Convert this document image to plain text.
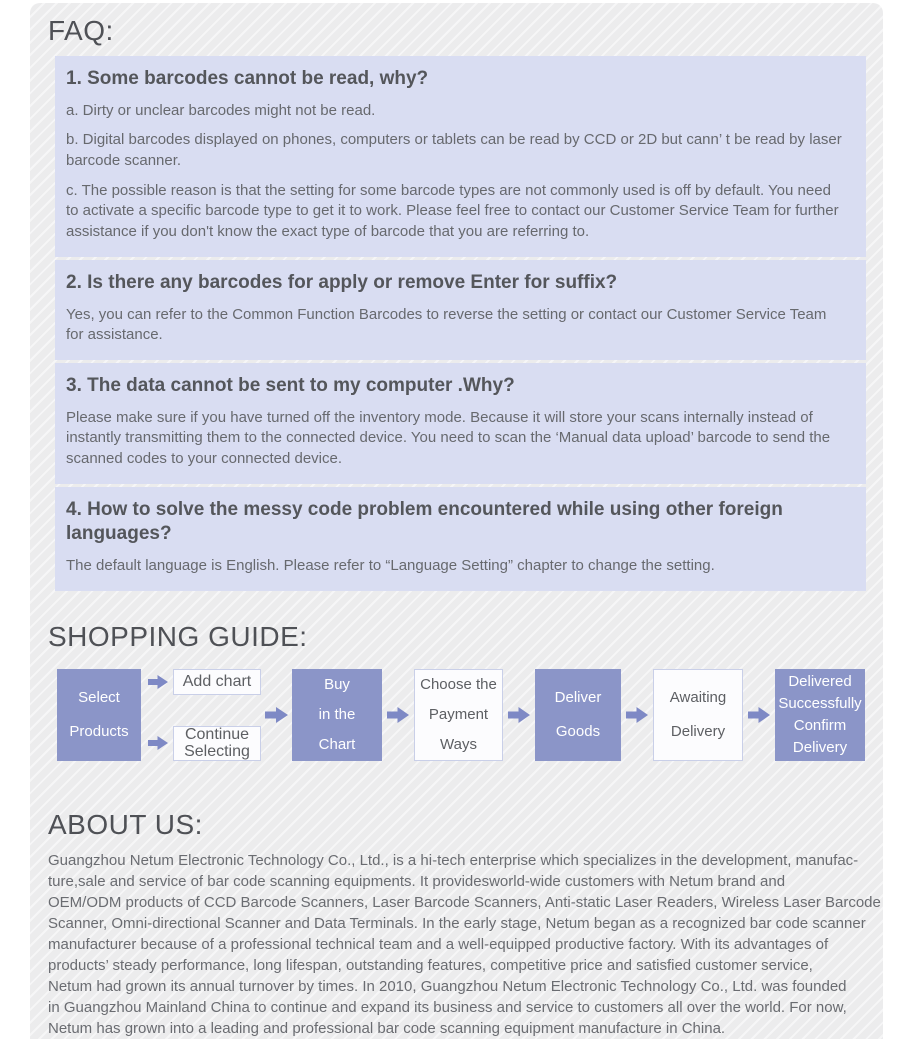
FAQ:
1. Some barcodes cannot be read, why?

a. Dirty or unclear barcodes might not be read.

b. Digital barcodes displayed on phones, computers or tablets can be read by CCD or 2D but cann’ t be read by laser barcode scanner.

c. The possible reason is that the setting for some barcode types are not commonly used is off by default. You need to activate a specific barcode type to get it to work. Please feel free to contact our Customer Service Team for further assistance if you don't know the exact type of barcode that you are referring to.

2. Is there any barcodes for apply or remove Enter for suffix?

Yes, you can refer to the Common Function Barcodes to reverse the setting or contact our Customer Service Team for assistance.

3. The data cannot be sent to my computer .Why?

Please make sure if you have turned off the inventory mode. Because it will store your scans internally instead of instantly transmitting them to the connected device. You need to scan the ‘Manual data upload’ barcode to send the scanned codes to your connected device.

4. How to solve the messy code problem encountered while using other foreign languages?

The default language is English. Please refer to “Language Setting” chapter to change the setting.

SHOPPING GUIDE:
Select
Products
Add chart
Continue
Selecting
Buy
in the
Chart
Choose the
Payment
Ways
Deliver
Goods
Awaiting
Delivery
Delivered
Successfully
Confirm
Delivery
ABOUT US:

Guangzhou Netum Electronic Technology Co., Ltd., is a hi-tech enterprise which specializes in the development, manufac-
ture,sale and service of bar code scanning equipments. It providesworld-wide customers with Netum brand and
OEM/ODM products of CCD Barcode Scanners, Laser Barcode Scanners, Anti-static Laser Readers, Wireless Laser Barcode
Scanner, Omni-directional Scanner and Data Terminals. In the early stage, Netum began as a recognized bar code scanner
manufacturer because of a professional technical team and a well-equipped productive factory. With its advantages of
products’ steady performance, long lifespan, outstanding features, competitive price and satisfied customer service,
Netum had grown its annual turnover by times. In 2010, Guangzhou Netum Electronic Technology Co., Ltd. was founded
in Guangzhou Mainland China to continue and expand its business and service to customers all over the world. For now,
Netum has grown into a leading and professional bar code scanning equipment manufacture in China.
